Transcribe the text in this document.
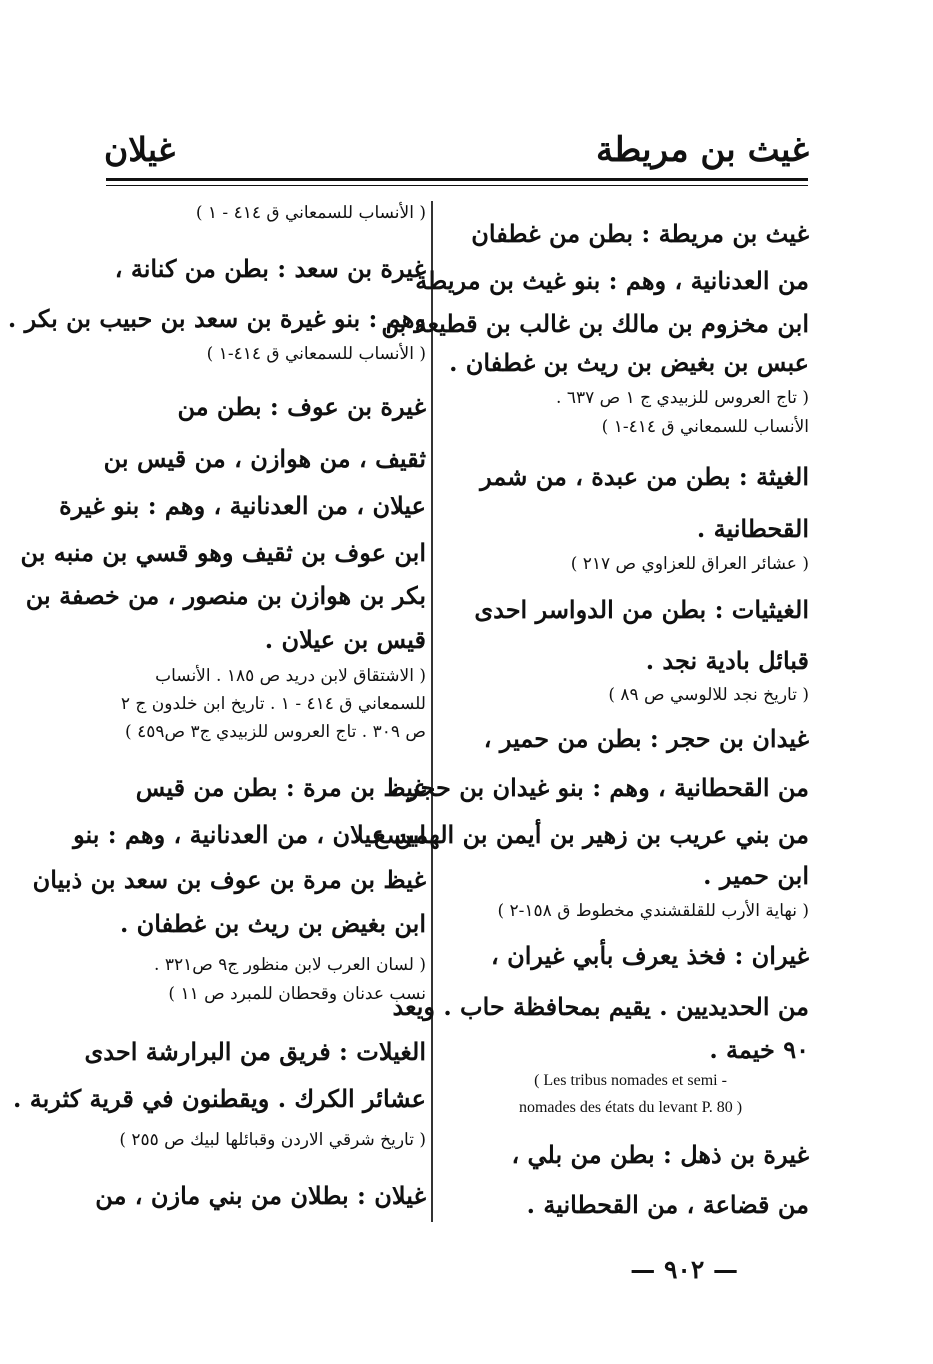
غيث بن مريطة
غيلان
غيث بن مريطة : بطن من غطفان
من العدنانية ، وهم : بنو غيث بن مريطة
ابن مخزوم بن مالك بن غالب بن قطيعة بن
عبس بن بغيض بن ريث بن غطفان .
( تاج العروس للزبيدي ج ١ ص ٦٣٧ .
الأنساب للسمعاني ق ٤١٤-١ )
الغيثة : بطن من عبدة ، من شمر
القحطانية .
( عشائر العراق للعزاوي ص ٢١٧ )
الغيثيات : بطن من الدواسر احدى
قبائل بادية نجد .
( تاريخ نجد للالوسي ص ٨٩ )
غيدان بن حجر : بطن من حمير ،
من القحطانية ، وهم : بنو غيدان بن حجر ،
من بني عريب بن زهير بن أيمن بن الهميسع
ابن حمير .
( نهاية الأرب للقلقشندي مخطوط ق ١٥٨-٢ )
غيران : فخذ يعرف بأبي غيران ،
من الحديديين . يقيم بمحافظة حاب . ويعد
٩٠ خيمة .
( Les tribus nomades et semi -
nomades des états du levant P. 80 )
غيرة بن ذهل : بطن من بلي ،
من قضاعة ، من القحطانية .
( الأنساب للسمعاني ق ٤١٤ - ١ )
غيرة بن سعد : بطن من كنانة ،
وهم : بنو غيرة بن سعد بن حبيب بن بكر .
( الأنساب للسمعاني ق ٤١٤-١ )
غيرة بن عوف : بطن من
ثقيف ، من هوازن ، من قيس بن
عيلان ، من العدنانية ، وهم : بنو غيرة
ابن عوف بن ثقيف وهو قسي بن منبه بن
بكر بن هوازن بن منصور ، من خصفة بن
قيس بن عيلان .
( الاشتقاق لابن دريد ص ١٨٥ . الأنساب
للسمعاني ق ٤١٤ - ١ . تاريخ ابن خلدون ج ٢
ص ٣٠٩ . تاج العروس للزبيدي ج٣ ص٤٥٩ )
غيظ بن مرة : بطن من قيس
ابن عيلان ، من العدنانية ، وهم : بنو
غيظ بن مرة بن عوف بن سعد بن ذبيان
ابن بغيض بن ريث بن غطفان .
( لسان العرب لابن منظور ج٩ ص٣٢١ .
نسب عدنان وقحطان للمبرد ص ١١ )
الغيلات : فريق من البرارشة احدى
عشائر الكرك . ويقطنون في قرية كثربة .
( تاريخ شرقي الاردن وقبائلها لبيك ص ٢٥٥ )
غيلان : بطلان من بني مازن ، من
— ٩٠٢ —
